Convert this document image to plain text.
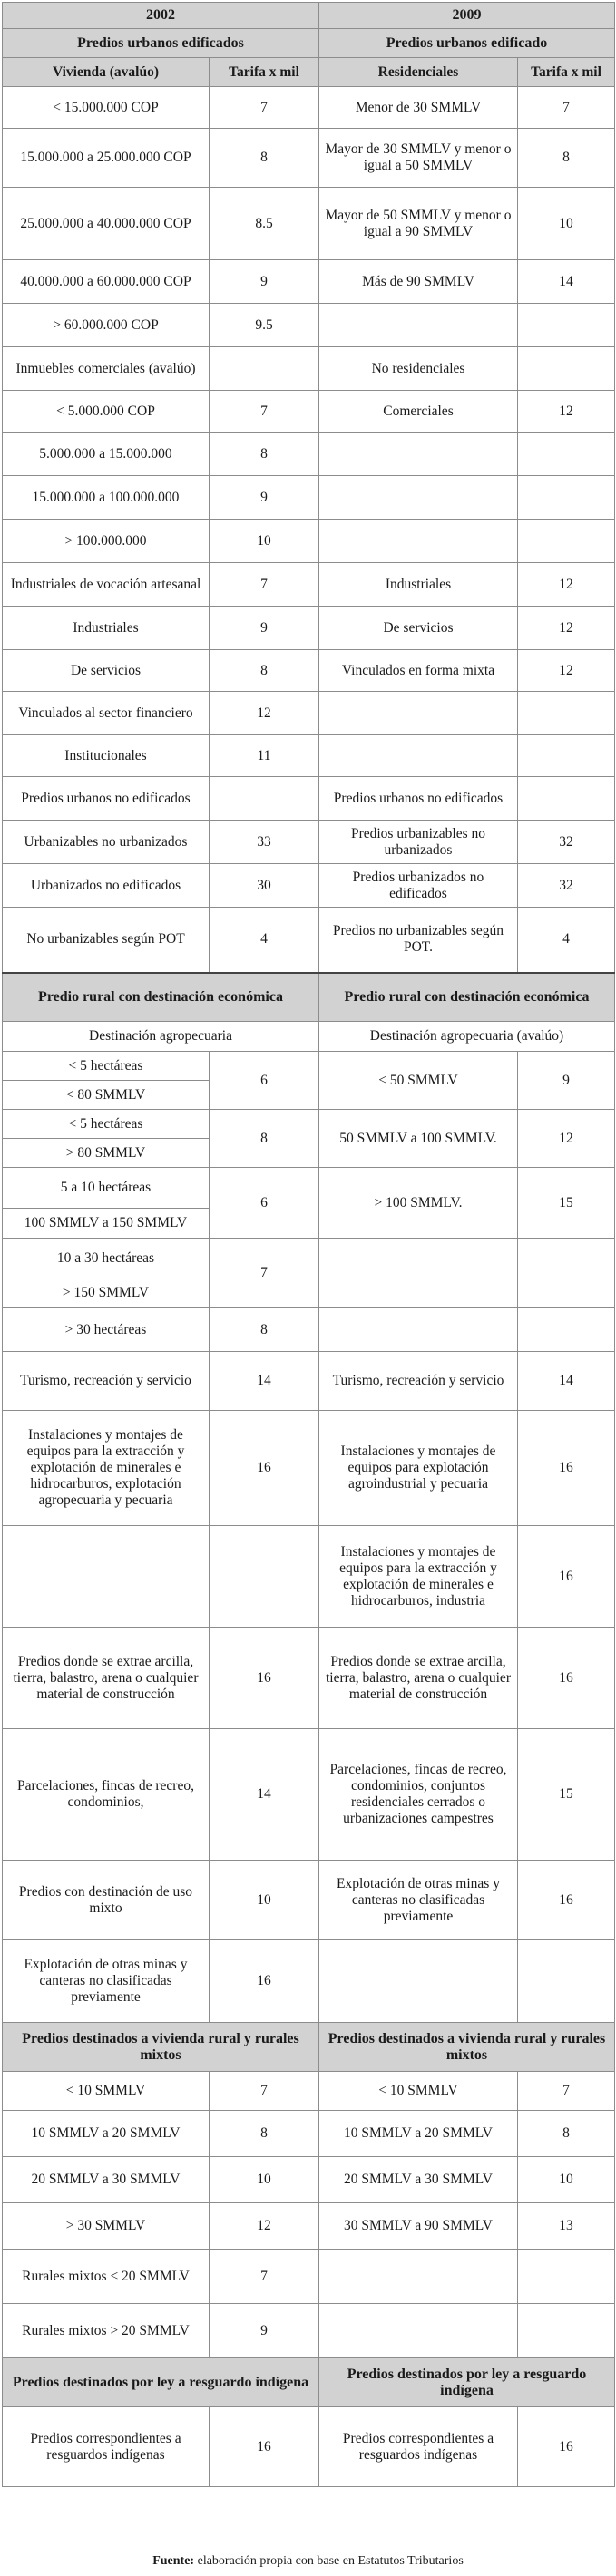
2002		2009	
Predios urbanos edificados		Predios urbanos edificado	
Vivienda (avalúo)	Tarifa x mil	Residenciales	Tarifa x mil
< 15.000.000 COP	7	Menor de 30 SMMLV	7
15.000.000 a 25.000.000 COP	8	Mayor de 30 SMMLV y menor o igual a 50 SMMLV	8
25.000.000 a 40.000.000 COP	8.5	Mayor de 50 SMMLV y menor o igual a 90 SMMLV	10
40.000.000 a 60.000.000 COP	9	Más de 90 SMMLV	14
> 60.000.000 COP	9.5		
Inmuebles comerciales (avalúo)		No residenciales	
< 5.000.000 COP	7	Comerciales	12
5.000.000 a 15.000.000	8		
15.000.000 a 100.000.000	9		
> 100.000.000	10		
Industriales de vocación artesanal	7	Industriales	12
Industriales	9	De servicios	12
De servicios	8	Vinculados en forma mixta	12
Vinculados al sector financiero	12		
Institucionales	11		
Predios urbanos no edificados		Predios urbanos no edificados	
Urbanizables no urbanizados	33	Predios urbanizables no urbanizados	32
Urbanizados no edificados	30	Predios urbanizados no edificados	32
No urbanizables según POT	4	Predios no urbanizables según POT.	4
Predio rural con destinación económica		Predio rural con destinación económica	
Destinación agropecuaria		Destinación agropecuaria (avalúo)	
< 5 hectáreas	6	< 50 SMMLV	9
< 80 SMMLV			
< 5 hectáreas	8	50 SMMLV a 100 SMMLV.	12
> 80 SMMLV			
5 a 10 hectáreas	6	> 100 SMMLV.	15
100 SMMLV a 150 SMMLV			
10 a 30 hectáreas	7		
> 150 SMMLV			
> 30 hectáreas	8		
Turismo, recreación y servicio	14	Turismo, recreación y servicio	14
Instalaciones y montajes de equipos para la extracción y explotación de minerales e hidrocarburos, explotación agropecuaria y pecuaria	16	Instalaciones y montajes de equipos para explotación agroindustrial y pecuaria	16
		Instalaciones y montajes de equipos para la extracción y explotación de minerales e hidrocarburos, industria	16
Predios donde se extrae arcilla, tierra, balastro, arena o cualquier material de construcción	16	Predios donde se extrae arcilla, tierra, balastro, arena o cualquier material de construcción	16
Parcelaciones, fincas de recreo, condominios,	14	Parcelaciones, fincas de recreo, condominios, conjuntos residenciales cerrados o urbanizaciones campestres	15
Predios con destinación de uso mixto	10	Explotación de otras minas y canteras no clasificadas previamente	16
Explotación de otras minas y canteras no clasificadas previamente	16		
Predios destinados a vivienda rural y rurales mixtos		Predios destinados a vivienda rural y rurales mixtos	
< 10 SMMLV	7	< 10 SMMLV	7
10 SMMLV a 20 SMMLV	8	10 SMMLV a 20 SMMLV	8
20 SMMLV a 30 SMMLV	10	20 SMMLV a 30 SMMLV	10
> 30 SMMLV	12	30 SMMLV a 90 SMMLV	13
Rurales mixtos < 20 SMMLV	7		
Rurales mixtos > 20 SMMLV	9		
Predios destinados por ley a resguardo indígena		Predios destinados por ley a resguardo indígena	
Predios correspondientes a resguardos indígenas	16	Predios correspondientes a resguardos indígenas	16
Fuente: elaboración propia con base en Estatutos Tributarios
